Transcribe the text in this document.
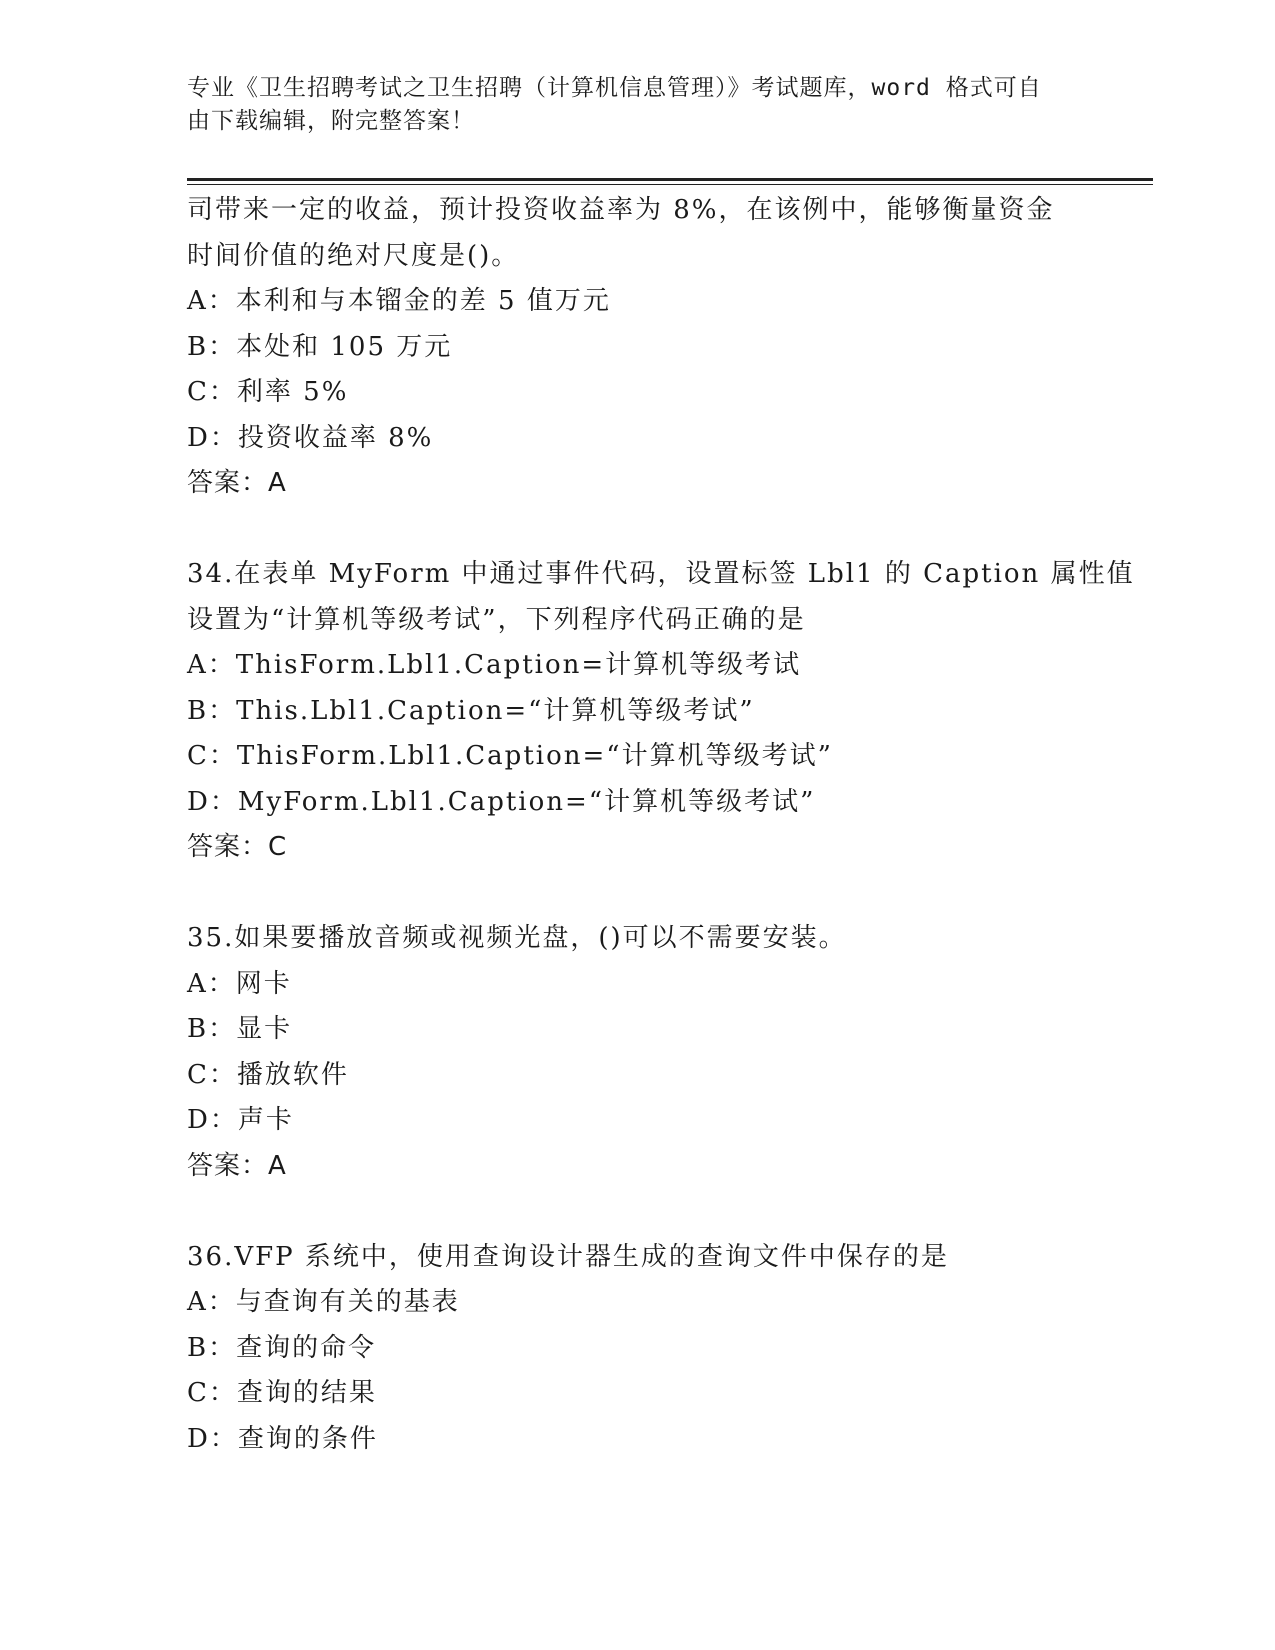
专业《卫生招聘考试之卫生招聘（计算机信息管理）》考试题库，word 格式可自
由下载编辑，附完整答案！
司带来一定的收益，预计投资收益率为 8%，在该例中，能够衡量资金
时间价值的绝对尺度是()。
A：本利和与本镏金的差 5 值万元
B：本处和 105 万元
C：利率 5%
D：投资收益率 8%
答案：A
34.在表单 MyForm 中通过事件代码，设置标签 Lbl1 的 Caption 属性值
设置为“计算机等级考试”，下列程序代码正确的是
A：ThisForm.Lbl1.Caption=计算机等级考试
B：This.Lbl1.Caption=“计算机等级考试”
C：ThisForm.Lbl1.Caption=“计算机等级考试”
D：MyForm.Lbl1.Caption=“计算机等级考试”
答案：C
35.如果要播放音频或视频光盘，()可以不需要安装。
A：网卡
B：显卡
C：播放软件
D：声卡
答案：A
36.VFP 系统中，使用查询设计器生成的查询文件中保存的是
A：与查询有关的基表
B：查询的命令
C：查询的结果
D：查询的条件
